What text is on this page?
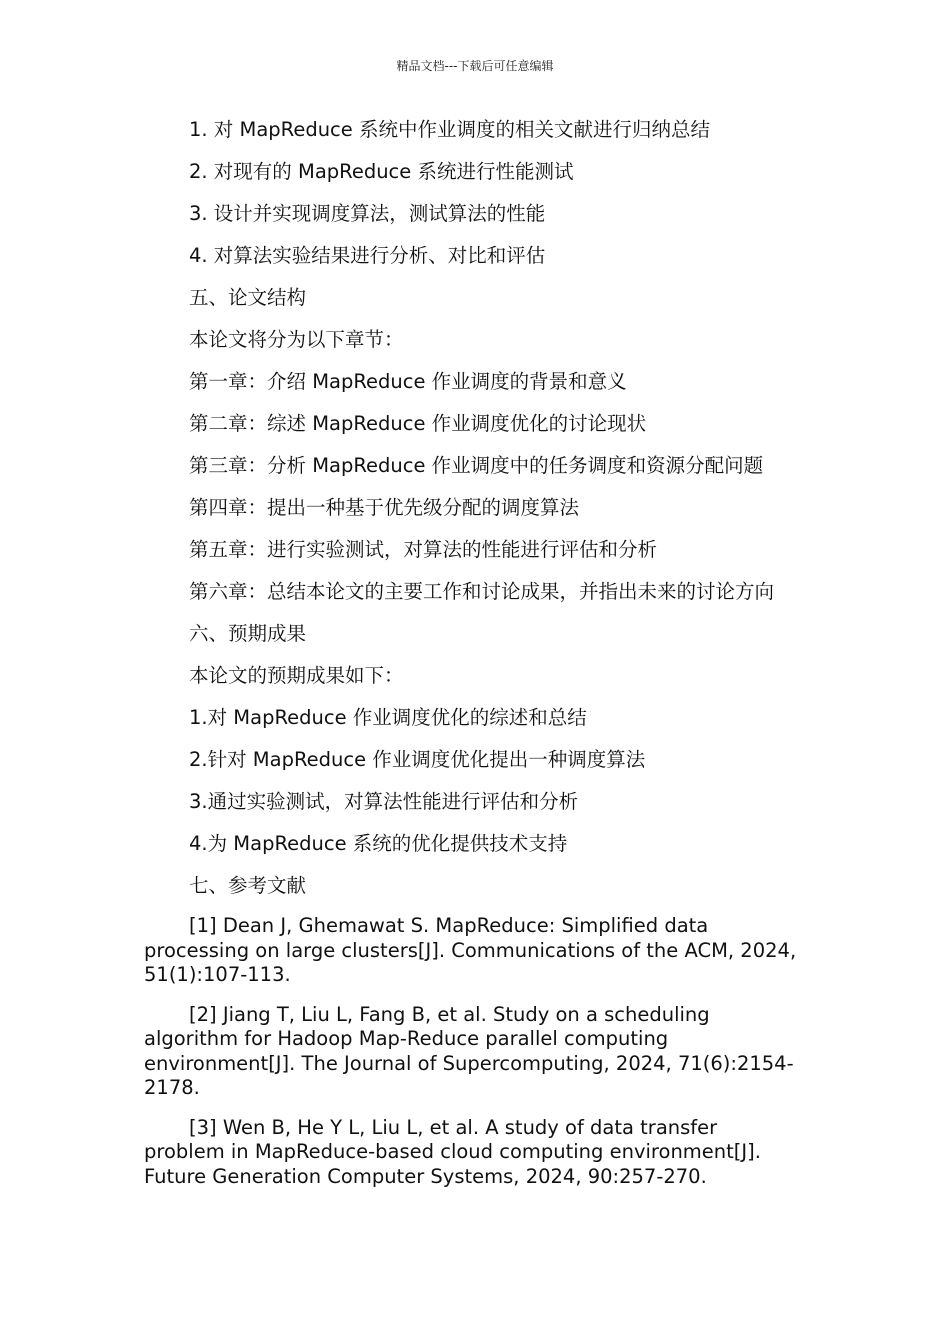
精品文档---下载后可任意编辑
1. 对 MapReduce 系统中作业调度的相关文献进行归纳总结
2. 对现有的 MapReduce 系统进行性能测试
3. 设计并实现调度算法，测试算法的性能
4. 对算法实验结果进行分析、对比和评估
五、论文结构
本论文将分为以下章节：
第一章：介绍 MapReduce 作业调度的背景和意义
第二章：综述 MapReduce 作业调度优化的讨论现状
第三章：分析 MapReduce 作业调度中的任务调度和资源分配问题
第四章：提出一种基于优先级分配的调度算法
第五章：进行实验测试，对算法的性能进行评估和分析
第六章：总结本论文的主要工作和讨论成果，并指出未来的讨论方向
六、预期成果
本论文的预期成果如下：
1.对 MapReduce 作业调度优化的综述和总结
2.针对 MapReduce 作业调度优化提出一种调度算法
3.通过实验测试，对算法性能进行评估和分析
4.为 MapReduce 系统的优化提供技术支持
七、参考文献
[1] Dean J, Ghemawat S. MapReduce: Simplified data processing on large clusters[J]. Communications of the ACM, 2024, 51(1):107-113.
[2] Jiang T, Liu L, Fang B, et al. Study on a scheduling algorithm for Hadoop Map-Reduce parallel computing environment[J]. The Journal of Supercomputing, 2024, 71(6):2154-2178.
[3] Wen B, He Y L, Liu L, et al. A study of data transfer problem in MapReduce-based cloud computing environment[J]. Future Generation Computer Systems, 2024, 90:257-270.
